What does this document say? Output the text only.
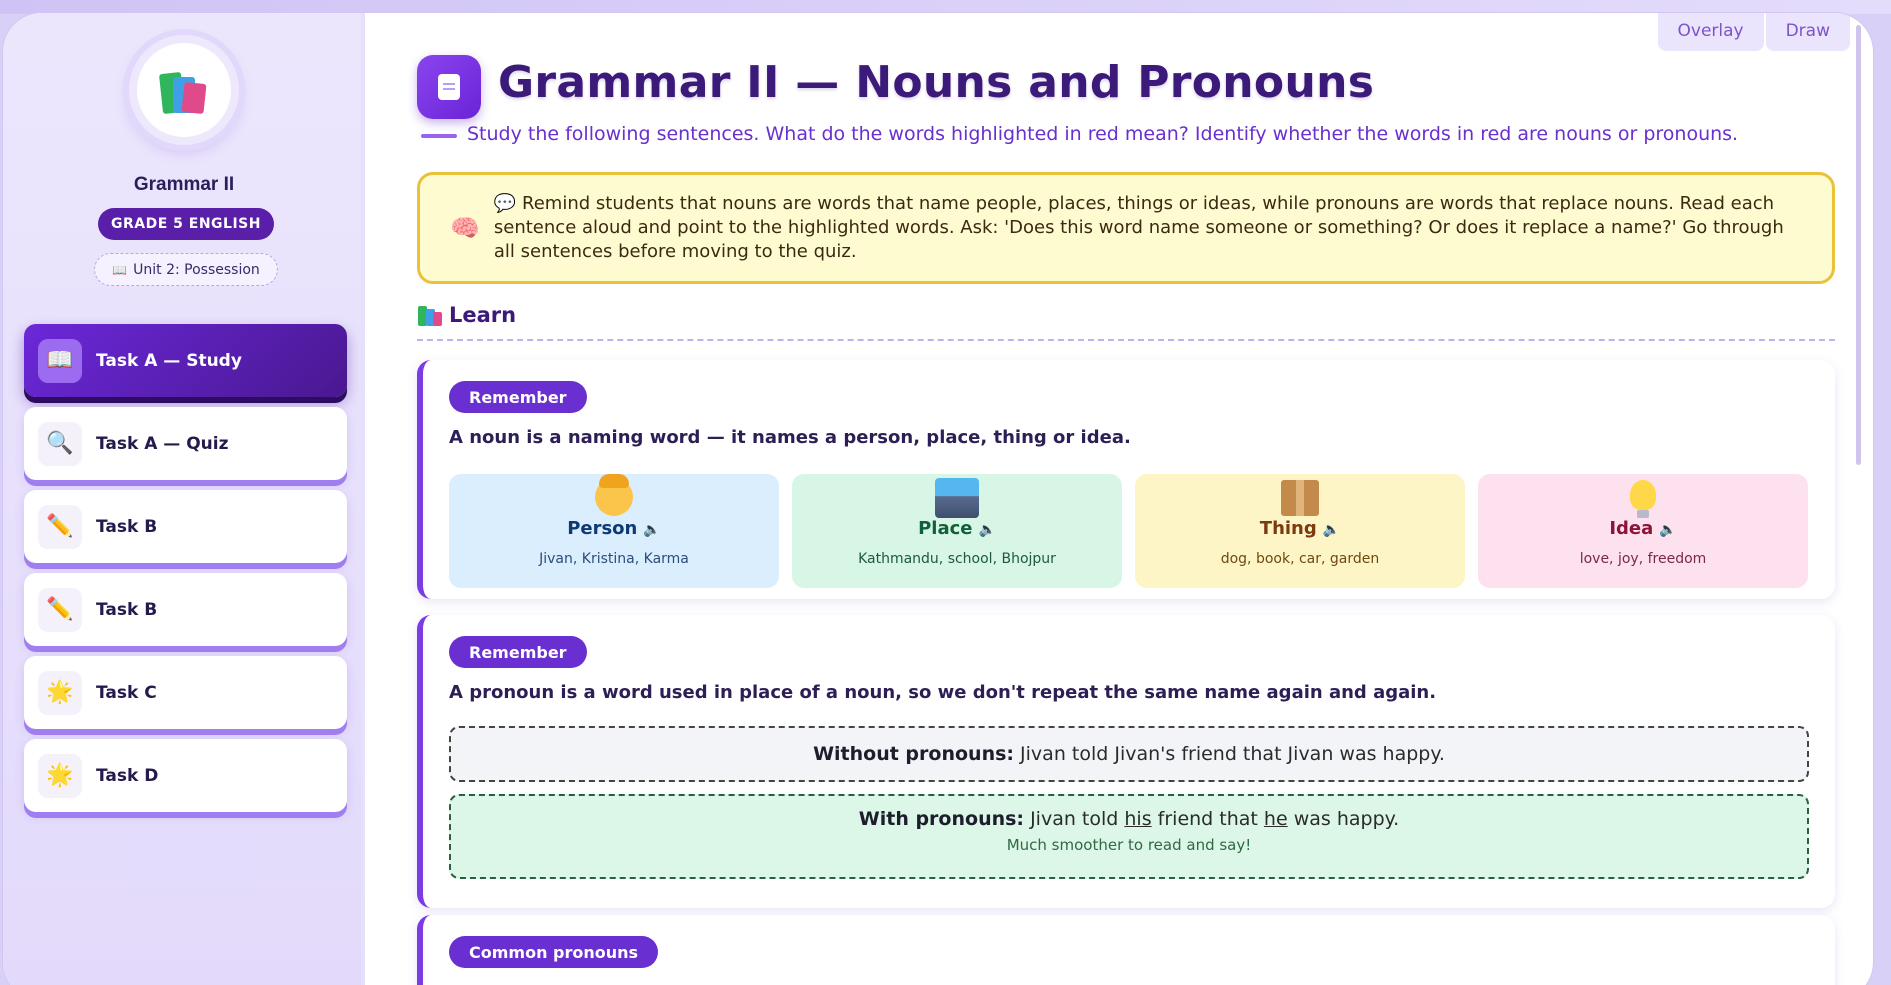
Overlay	Draw
Grammar II
GRADE 5 ENGLISH
📖 Unit 2: Possession
📖	Task A — Study
🔍	Task A — Quiz
✏️	Task B
✏️	Task B
🌟	Task C
🌟	Task D
Grammar II — Nouns and Pronouns
Study the following sentences. What do the words highlighted in red mean? Identify whether the words in red are nouns or pronouns.
🧠
💬 Remind students that nouns are words that name people, places, things or ideas, while pronouns are words that replace nouns. Read each sentence aloud and point to the highlighted words. Ask: 'Does this word name someone or something? Or does it replace a name?' Go through all sentences before moving to the quiz.
Learn
Remember
A noun is a naming word — it names a person, place, thing or idea.
Person 🔈
Jivan, Kristina, Karma
Place 🔈
Kathmandu, school, Bhojpur
Thing 🔈
dog, book, car, garden
Idea 🔈
love, joy, freedom
Remember
A pronoun is a word used in place of a noun, so we don't repeat the same name again and again.
Without pronouns: Jivan told Jivan's friend that Jivan was happy.
With pronouns: Jivan told his friend that he was happy.
Much smoother to read and say!
Common pronouns
